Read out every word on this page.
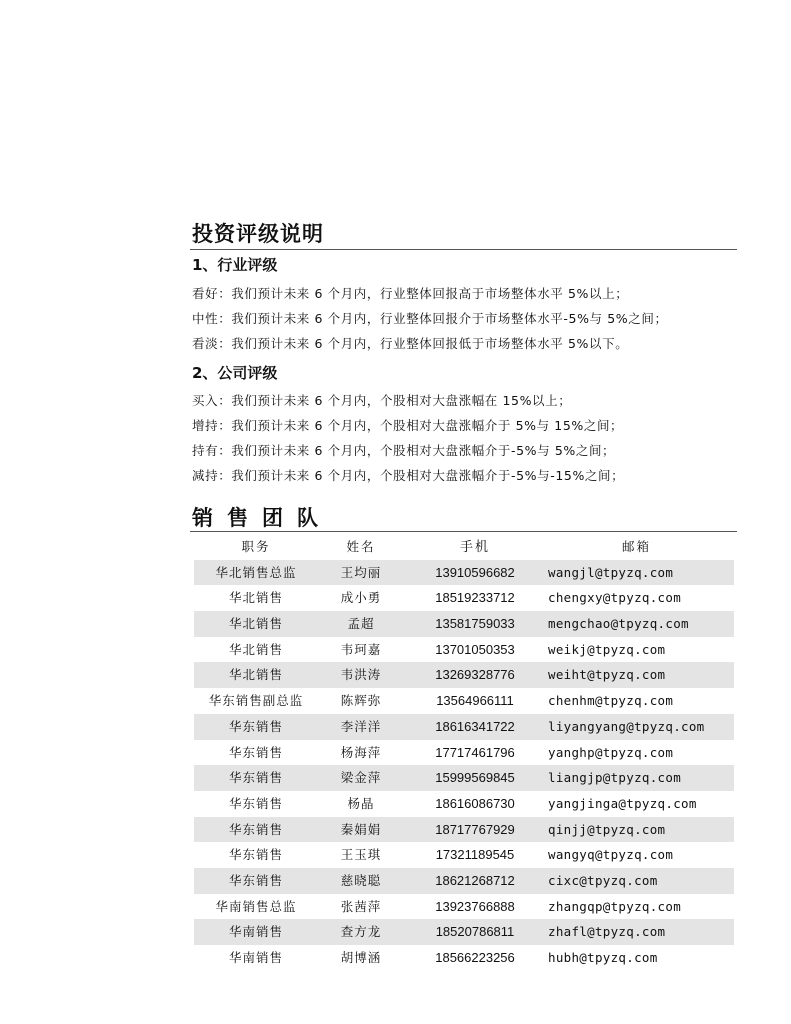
投资评级说明
1、行业评级
看好：我们预计未来 6 个月内，行业整体回报高于市场整体水平 5%以上；
中性：我们预计未来 6 个月内，行业整体回报介于市场整体水平-5%与 5%之间；
看淡：我们预计未来 6 个月内，行业整体回报低于市场整体水平 5%以下。
2、公司评级
买入：我们预计未来 6 个月内，个股相对大盘涨幅在 15%以上；
增持：我们预计未来 6 个月内，个股相对大盘涨幅介于 5%与 15%之间；
持有：我们预计未来 6 个月内，个股相对大盘涨幅介于-5%与 5%之间；
减持：我们预计未来 6 个月内，个股相对大盘涨幅介于-5%与-15%之间；
销售团队
职务	姓名	手机	邮箱
华北销售总监	王均丽	13910596682	wangjl@tpyzq.com
华北销售	成小勇	18519233712	chengxy@tpyzq.com
华北销售	孟超	13581759033	mengchao@tpyzq.com
华北销售	韦珂嘉	13701050353	weikj@tpyzq.com
华北销售	韦洪涛	13269328776	weiht@tpyzq.com
华东销售副总监	陈辉弥	13564966111	chenhm@tpyzq.com
华东销售	李洋洋	18616341722	liyangyang@tpyzq.com
华东销售	杨海萍	17717461796	yanghp@tpyzq.com
华东销售	梁金萍	15999569845	liangjp@tpyzq.com
华东销售	杨晶	18616086730	yangjinga@tpyzq.com
华东销售	秦娟娟	18717767929	qinjj@tpyzq.com
华东销售	王玉琪	17321189545	wangyq@tpyzq.com
华东销售	慈晓聪	18621268712	cixc@tpyzq.com
华南销售总监	张茜萍	13923766888	zhangqp@tpyzq.com
华南销售	查方龙	18520786811	zhafl@tpyzq.com
华南销售	胡博涵	18566223256	hubh@tpyzq.com
